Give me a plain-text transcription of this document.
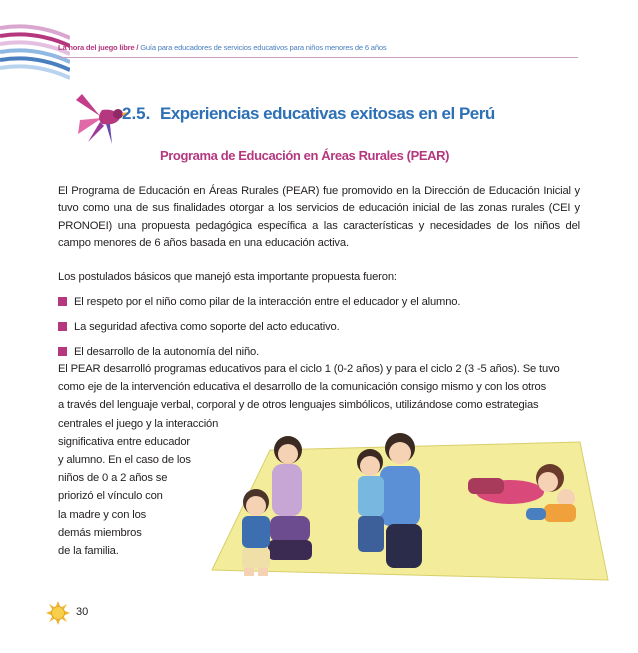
La hora del juego libre / Guía para educadores de servicios educativos para niños menores de 6 años
2.5. Experiencias educativas exitosas en el Perú
Programa de Educación en Áreas Rurales (PEAR)

El Programa de Educación en Áreas Rurales (PEAR) fue promovido en la Dirección de Educación Inicial y tuvo como una de sus finalidades otorgar a los servicios de educación inicial de las zonas rurales (CEI y PRONOEI) una propuesta pedagógica específica a las características y necesidades de los niños del campo menores de 6 años basada en una educación activa.

Los postulados básicos que manejó esta importante propuesta fueron:

El respeto por el niño como pilar de la interacción entre el educador y el alumno.
La seguridad afectiva como soporte del acto educativo.
El desarrollo de la autonomía del niño.
El PEAR desarrolló programas educativos para el ciclo 1 (0-2 años) y para el ciclo 2 (3 -5 años). Se tuvo
como eje de la intervención educativa el desarrollo de la comunicación consigo mismo y con los otros
a través del lenguaje verbal, corporal y de otros lenguajes simbólicos, utilizándose como estrategias
centrales el juego y la interacción
significativa entre educador
y alumno. En el caso de los
niños de 0 a 2 años se
priorizó el vínculo con
la madre y con los
demás miembros
de la familia.
30
